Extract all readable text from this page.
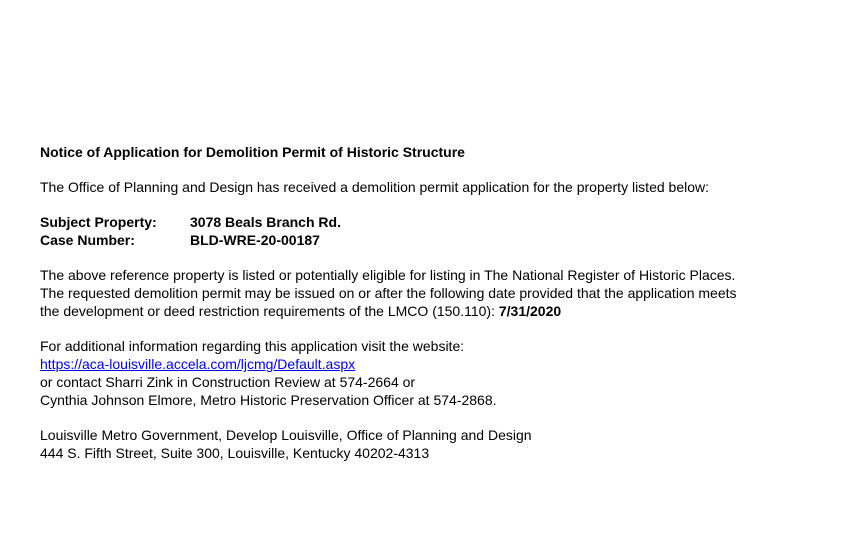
Notice of Application for Demolition Permit of Historic Structure
The Office of Planning and Design has received a demolition permit application for the property listed below:
Subject Property:	3078 Beals Branch Rd.
Case Number:	BLD-WRE-20-00187
The above reference property is listed or potentially eligible for listing in The National Register of Historic Places.
The requested demolition permit may be issued on or after the following date provided that the application meets
the development or deed restriction requirements of the LMCO (150.110): 7/31/2020
For additional information regarding this application visit the website:
https://aca-louisville.accela.com/ljcmg/Default.aspx
or contact Sharri Zink in Construction Review at 574-2664 or
Cynthia Johnson Elmore, Metro Historic Preservation Officer at 574-2868.
Louisville Metro Government, Develop Louisville, Office of Planning and Design
444 S. Fifth Street, Suite 300, Louisville, Kentucky 40202-4313
